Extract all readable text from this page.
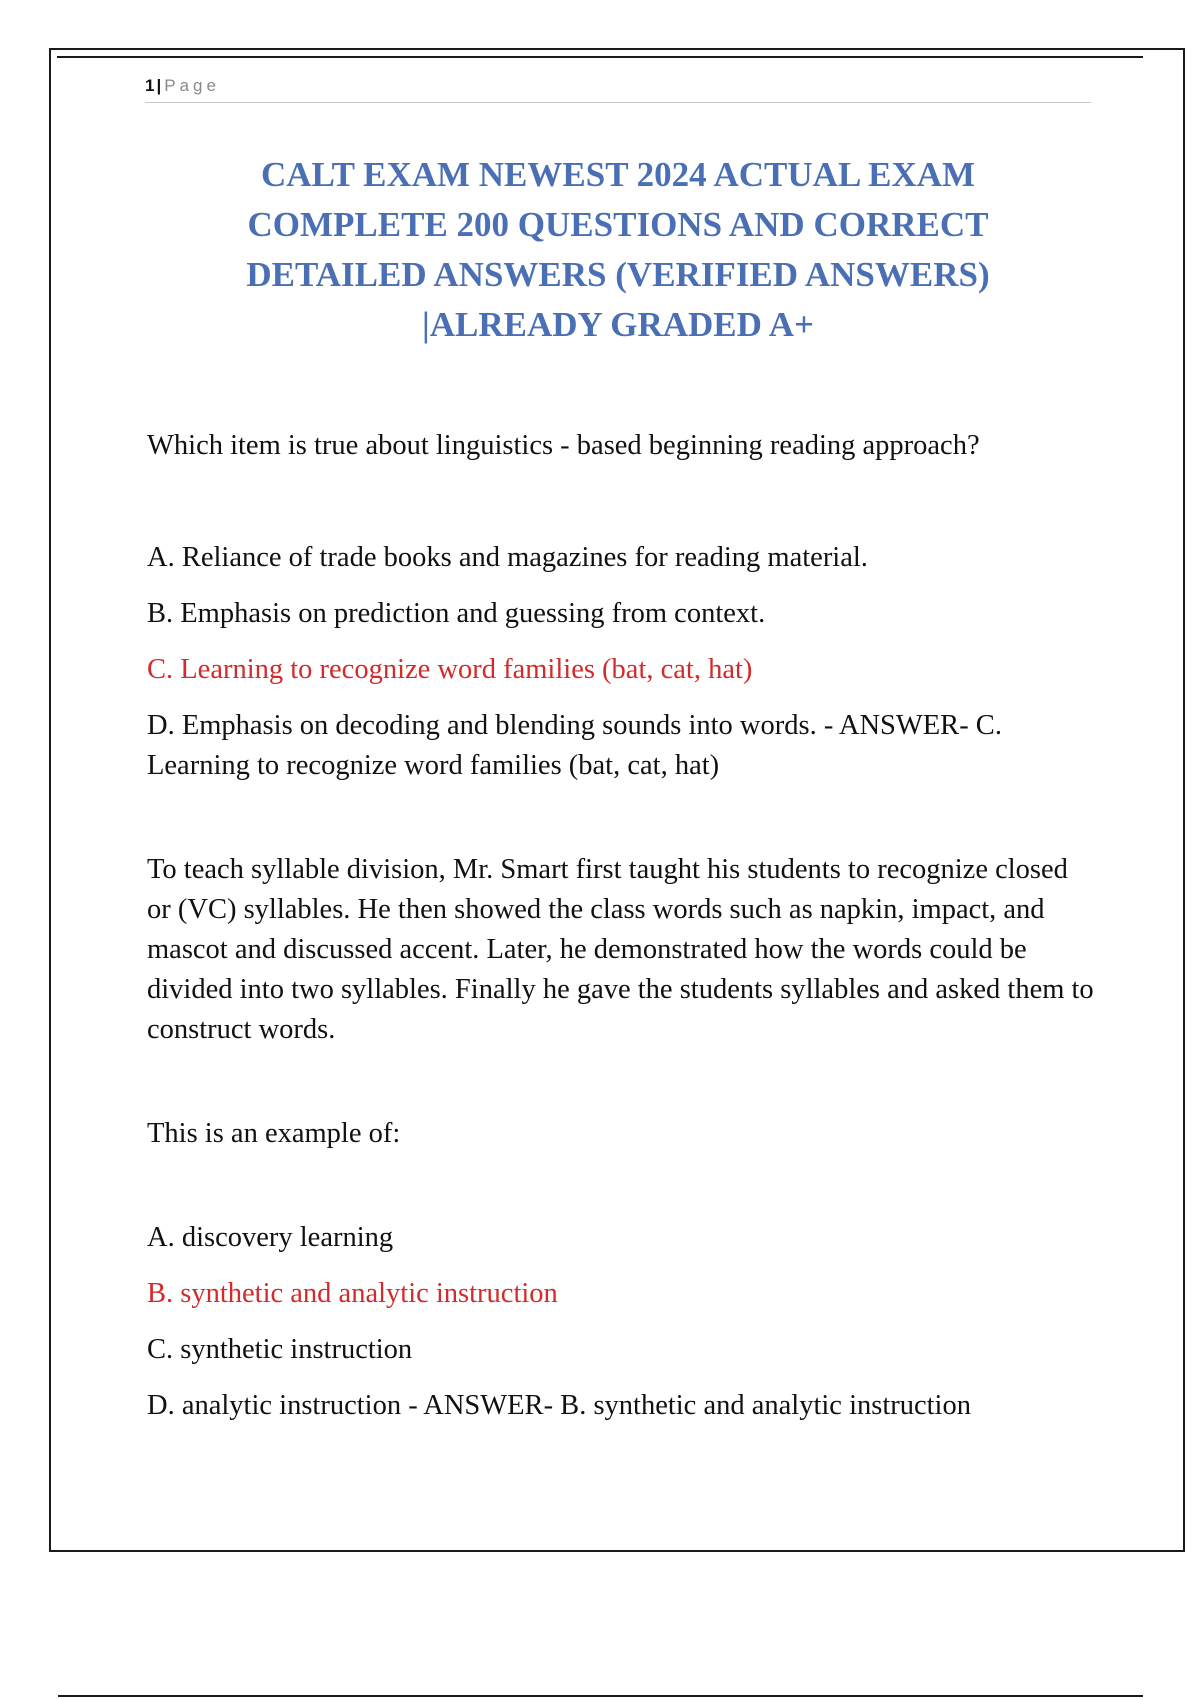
1 | Page
CALT EXAM NEWEST 2024 ACTUAL EXAM
COMPLETE 200 QUESTIONS AND CORRECT
DETAILED ANSWERS (VERIFIED ANSWERS)
|ALREADY GRADED A+

Which item is true about linguistics - based beginning reading approach?

A. Reliance of trade books and magazines for reading material.

B. Emphasis on prediction and guessing from context.

C. Learning to recognize word families (bat, cat, hat)

D. Emphasis on decoding and blending sounds into words. - ANSWER- C. Learning to recognize word families (bat, cat, hat)

To teach syllable division, Mr. Smart first taught his students to recognize closed or (VC) syllables. He then showed the class words such as napkin, impact, and mascot and discussed accent. Later, he demonstrated how the words could be divided into two syllables. Finally he gave the students syllables and asked them to construct words.

This is an example of:

A. discovery learning

B. synthetic and analytic instruction

C. synthetic instruction

D. analytic instruction - ANSWER- B. synthetic and analytic instruction
